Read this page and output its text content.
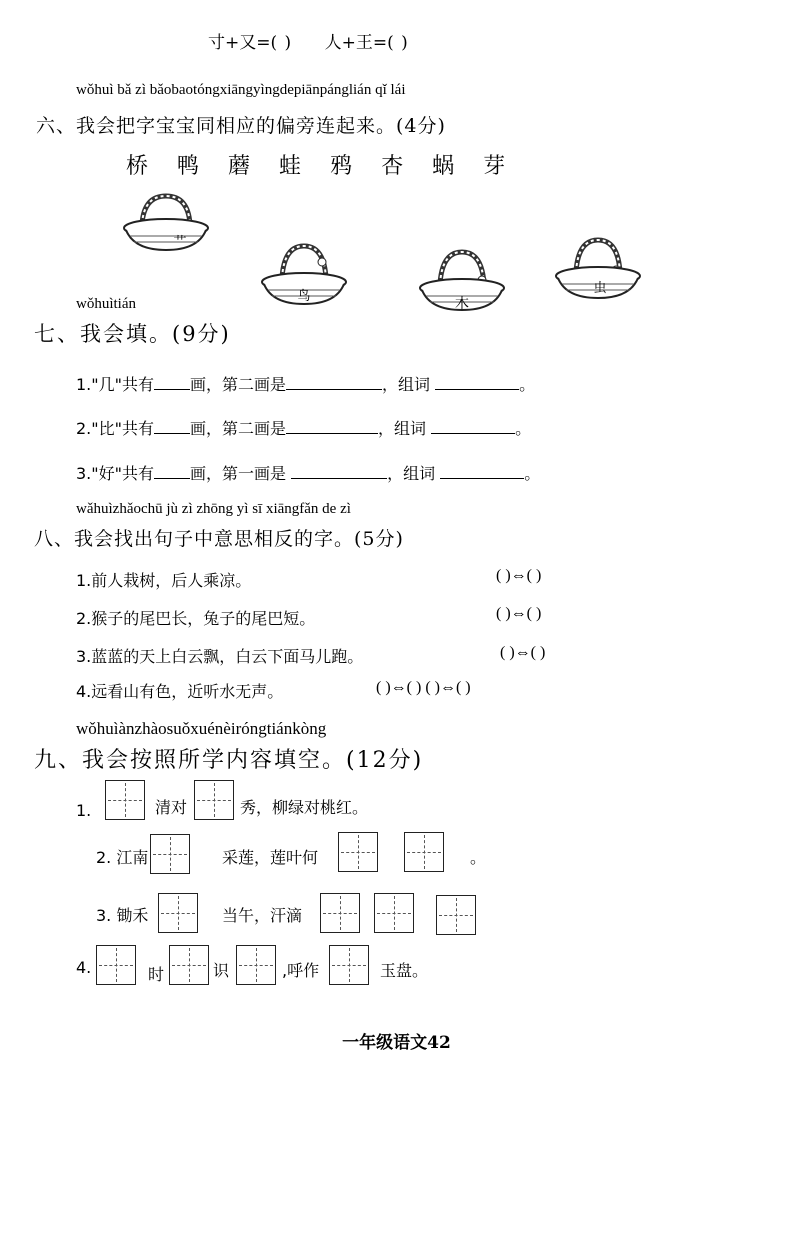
寸+又=( ) 人+王=( )
wǒhuì bǎ zì bǎobaotóngxiāngyìngdepiānpánglián qǐ lái
六、我会把字宝宝同相应的偏旁连起来。(4分)
桥 鸭 蘑 蛙 鸦 杏 蜗 芽
艹
鸟	木
虫
wǒhuìtián
七、我会填。(9分)
1."几"共有 画，第二画是	，组词	。
2."比"共有 画，第二画是	，组词	。
3."好"共有 画，第一画是	，组词	。
wǎhuìzhǎochū jù zì zhōng yì sī xiāngfǎn de zì
八、我会找出句子中意思相反的字。(5分)
1.前人栽树，后人乘凉。	( )⇔( )
2.猴子的尾巴长，兔子的尾巴短。	( )⇔( )
3.蓝蓝的天上白云飘，白云下面马儿跑。	( )⇔( )
4.远看山有色，近听水无声。	( )⇔( ) ( )⇔( )
wǒhuìànzhàosuǒxuénèiróngtiánkòng
九、我会按照所学内容填空。(12分)
1.	清对	秀，柳绿对桃红。
2. 江南	采莲，莲叶何	。
3. 锄禾	当午，汗滴
4.	时	识	,呼作	玉盘。
一年级语文42
